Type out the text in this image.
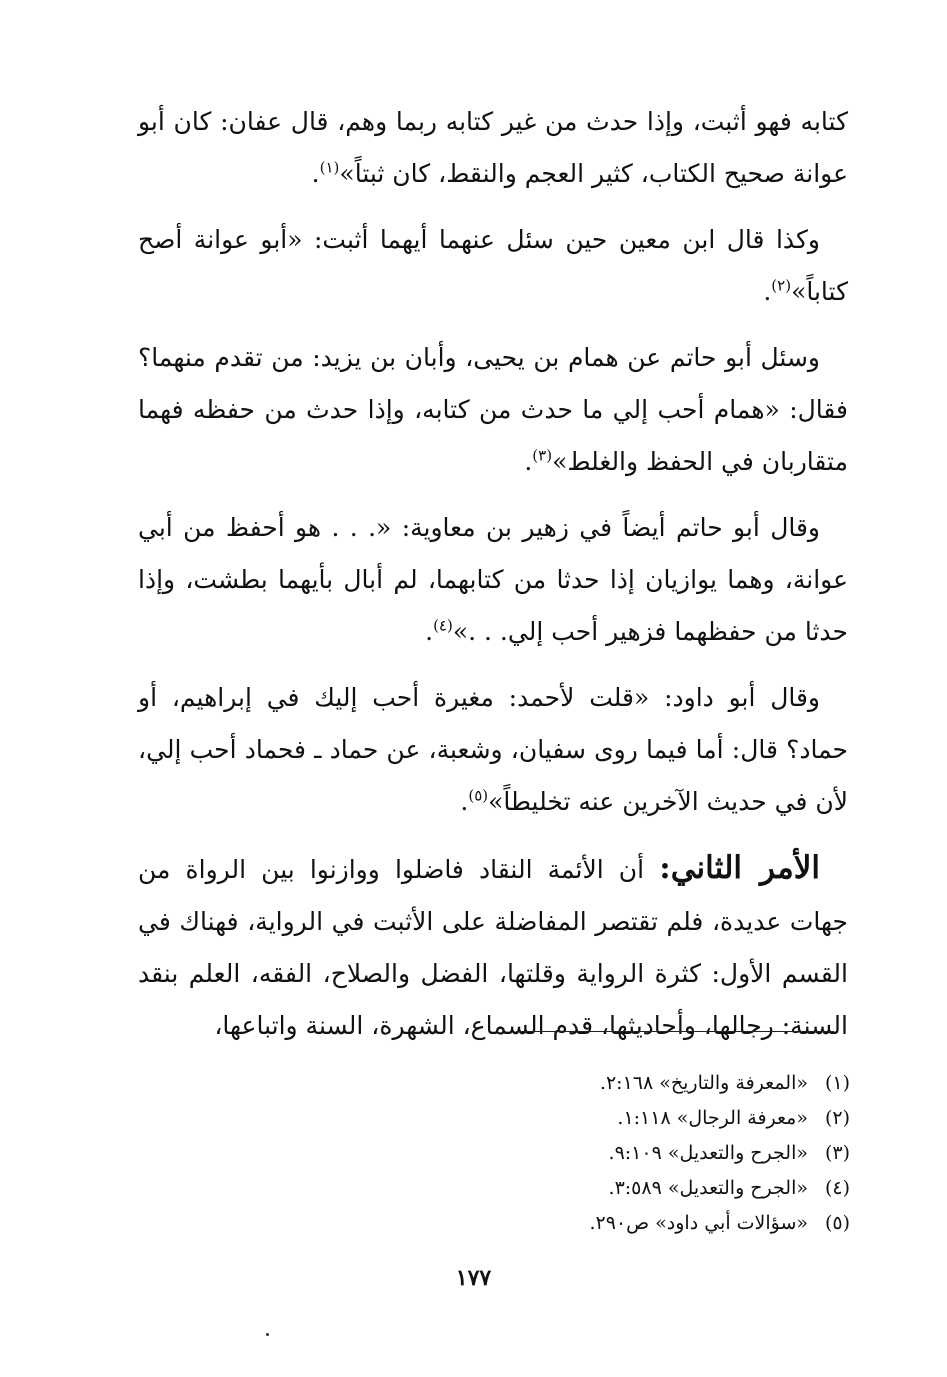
كتابه فهو أثبت، وإذا حدث من غير كتابه ربما وهم، قال عفان: كان أبو عوانة صحيح الكتاب، كثير العجم والنقط، كان ثبتاً»$^{(١)}$.

وكذا قال ابن معين حين سئل عنهما أيهما أثبت: «أبو عوانة أصح كتاباً»$^{(٢)}$.

وسئل أبو حاتم عن همام بن يحيى، وأبان بن يزيد: من تقدم منهما؟ فقال: «همام أحب إلي ما حدث من كتابه، وإذا حدث من حفظه فهما متقاربان في الحفظ والغلط»$^{(٣)}$.

وقال أبو حاتم أيضاً في زهير بن معاوية: «. . . هو أحفظ من أبي عوانة، وهما يوازيان إذا حدثا من كتابهما، لم أبال بأيهما بطشت، وإذا حدثا من حفظهما فزهير أحب إلي. . .»$^{(٤)}$.

وقال أبو داود: «قلت لأحمد: مغيرة أحب إليك في إبراهيم، أو حماد؟ قال: أما فيما روى سفيان، وشعبة، عن حماد ـ فحماد أحب إلي، لأن في حديث الآخرين عنه تخليطاً»$^{(٥)}$.

الأمر الثاني: أن الأئمة النقاد فاضلوا ووازنوا بين الرواة من جهات عديدة، فلم تقتصر المفاضلة على الأثبت في الرواية، فهناك في القسم الأول: كثرة الرواية وقلتها، الفضل والصلاح، الفقه، العلم بنقد السنة: رجالها، وأحاديثها، قدم السماع، الشهرة، السنة واتباعها،

(١)
«المعرفة والتاريخ» ٢:١٦٨.
(٢)
«معرفة الرجال» ١:١١٨.
(٣)
«الجرح والتعديل» ٩:١٠٩.
(٤)
«الجرح والتعديل» ٣:٥٨٩.
(٥)
«سؤالات أبي داود» ص٢٩٠.
١٧٧
